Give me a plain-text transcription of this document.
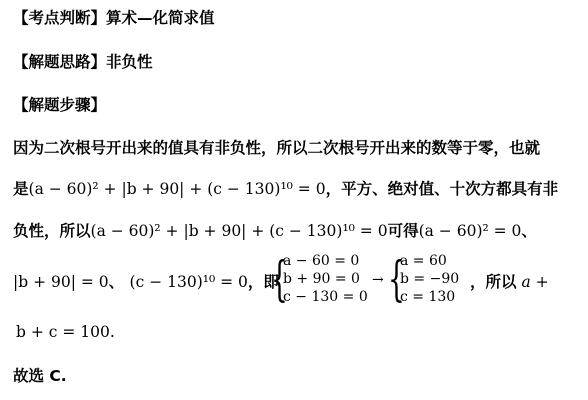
【考点判断】算术—化简求值
【解题思路】非负性
【解题步骤】
因为二次根号开出来的值具有非负性，所以二次根号开出来的数等于零，也就
是(a − 60)² + |b + 90| + (c − 130)¹⁰ = 0，平方、绝对值、十次方都具有非
负性，所以(a − 60)² + |b + 90| + (c − 130)¹⁰ = 0可得(a − 60)² = 0、
|b + 90| = 0、 (c − 130)¹⁰ = 0，即
{
a − 60 = 0
b + 90 = 0
c − 130 = 0
→ {
a = 60
b = −90
c = 130
，所以 a +
b + c = 100.
故选 C.
